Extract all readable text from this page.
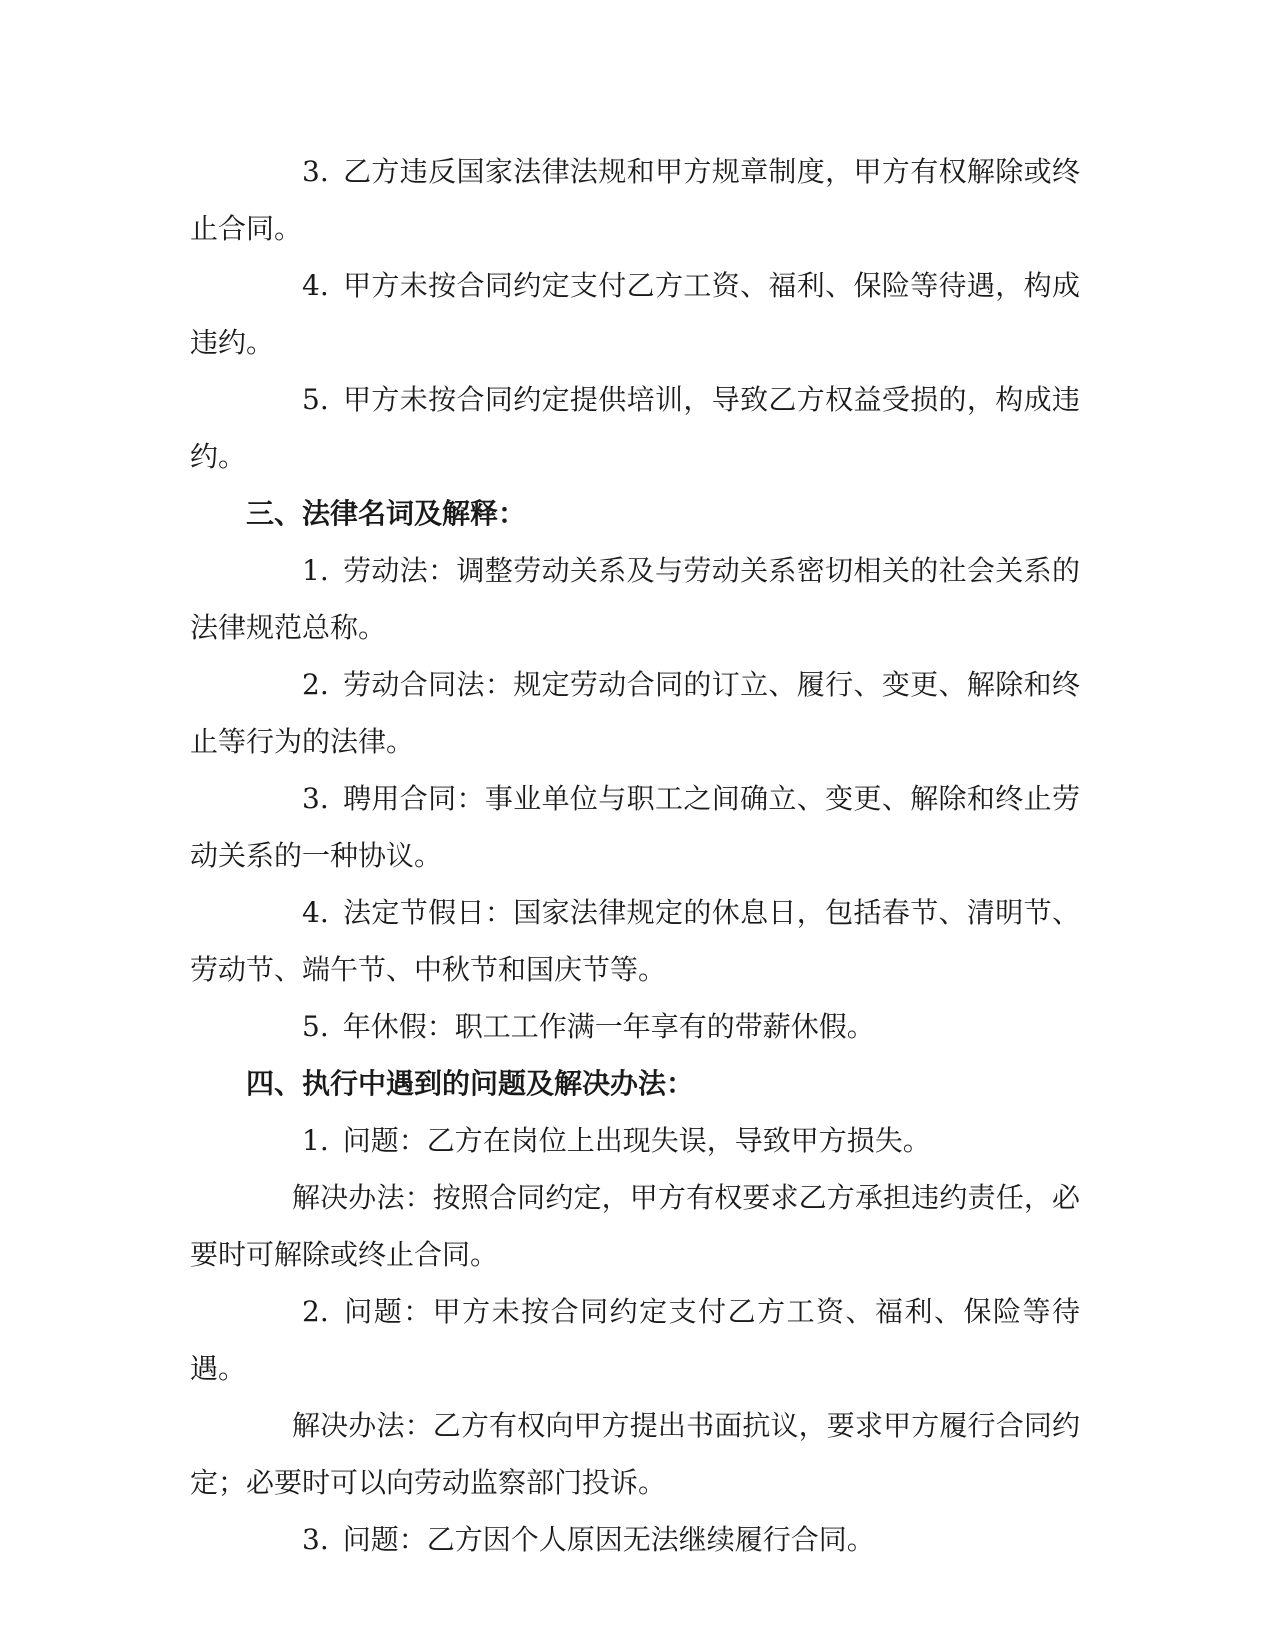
3. 乙方违反国家法律法规和甲方规章制度，甲方有权解除或终止合同。

4. 甲方未按合同约定支付乙方工资、福利、保险等待遇，构成违约。

5. 甲方未按合同约定提供培训，导致乙方权益受损的，构成违约。

三、法律名词及解释：

1. 劳动法：调整劳动关系及与劳动关系密切相关的社会关系的法律规范总称。

2. 劳动合同法：规定劳动合同的订立、履行、变更、解除和终止等行为的法律。

3. 聘用合同：事业单位与职工之间确立、变更、解除和终止劳动关系的一种协议。

4. 法定节假日：国家法律规定的休息日，包括春节、清明节、劳动节、端午节、中秋节和国庆节等。

5. 年休假：职工工作满一年享有的带薪休假。

四、执行中遇到的问题及解决办法：

1. 问题：乙方在岗位上出现失误，导致甲方损失。

解决办法：按照合同约定，甲方有权要求乙方承担违约责任，必要时可解除或终止合同。

2. 问题：甲方未按合同约定支付乙方工资、福利、保险等待遇。

解决办法：乙方有权向甲方提出书面抗议，要求甲方履行合同约定；必要时可以向劳动监察部门投诉。

3. 问题：乙方因个人原因无法继续履行合同。
